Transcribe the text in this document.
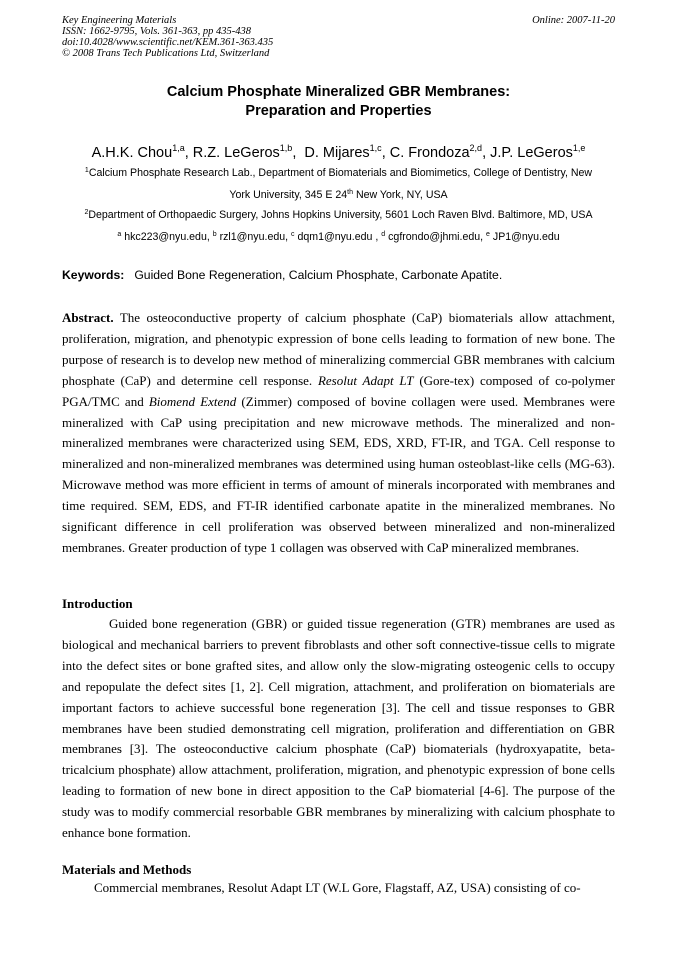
Key Engineering Materials
ISSN: 1662-9795, Vols. 361-363, pp 435-438
doi:10.4028/www.scientific.net/KEM.361-363.435
© 2008 Trans Tech Publications Ltd, Switzerland
Online: 2007-11-20
Calcium Phosphate Mineralized GBR Membranes:
Preparation and Properties
A.H.K. Chou$^{1,a}$, R.Z. LeGeros$^{1,b}$,  D. Mijares$^{1,c}$, C. Frondoza$^{2,d}$, J.P. LeGeros$^{1,e}$
$^1$Calcium Phosphate Research Lab., Department of Biomaterials and Biomimetics, College of Dentistry, New
York University, 345 E 24th New York, NY, USA
$^2$Department of Orthopaedic Surgery, Johns Hopkins University, 5601 Loch Raven Blvd. Baltimore, MD, USA
$^a$ hkc223@nyu.edu, $^b$ rzl1@nyu.edu, $^c$ dqm1@nyu.edu , $^d$ cgfrondo@jhmi.edu, $^e$ JP1@nyu.edu
Keywords: Guided Bone Regeneration, Calcium Phosphate, Carbonate Apatite.
Abstract. The osteoconductive property of calcium phosphate (CaP) biomaterials allow attachment, proliferation, migration, and phenotypic expression of bone cells leading to formation of new bone. The purpose of research is to develop new method of mineralizing commercial GBR membranes with calcium phosphate (CaP) and determine cell response. Resolut Adapt LT (Gore-tex) composed of co-polymer PGA/TMC and Biomend Extend (Zimmer) composed of bovine collagen were used. Membranes were mineralized with CaP using precipitation and new microwave methods. The mineralized and non-mineralized membranes were characterized using SEM, EDS, XRD, FT-IR, and TGA. Cell response to mineralized and non-mineralized membranes was determined using human osteoblast-like cells (MG-63). Microwave method was more efficient in terms of amount of minerals incorporated with membranes and time required. SEM, EDS, and FT-IR identified carbonate apatite in the mineralized membranes. No significant difference in cell proliferation was observed between mineralized and non-mineralized membranes. Greater production of type 1 collagen was observed with CaP mineralized membranes.
Introduction
Guided bone regeneration (GBR) or guided tissue regeneration (GTR) membranes are used as biological and mechanical barriers to prevent fibroblasts and other soft connective-tissue cells to migrate into the defect sites or bone grafted sites, and allow only the slow-migrating osteogenic cells to occupy and repopulate the defect sites [1, 2]. Cell migration, attachment, and proliferation on biomaterials are important factors to achieve successful bone regeneration [3]. The cell and tissue responses to GBR membranes have been studied demonstrating cell migration, proliferation and differentiation on GBR membranes [3]. The osteoconductive calcium phosphate (CaP) biomaterials (hydroxyapatite, beta-tricalcium phosphate) allow attachment, proliferation, migration, and phenotypic expression of bone cells leading to formation of new bone in direct apposition to the CaP biomaterial [4-6]. The purpose of the study was to modify commercial resorbable GBR membranes by mineralizing with calcium phosphate to enhance bone formation.
Materials and Methods
Commercial membranes, Resolut Adapt LT (W.L Gore, Flagstaff, AZ, USA) consisting of co-
